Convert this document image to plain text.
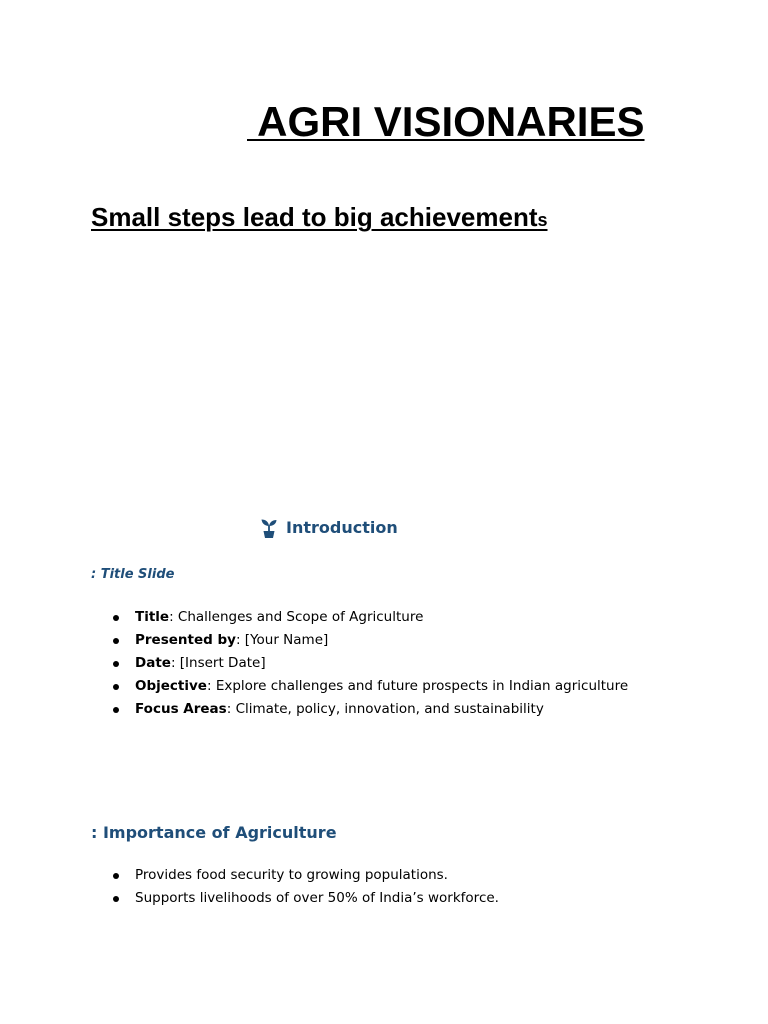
AGRI VISIONARIES
Small steps lead to big achievements
Introduction
: Title Slide
Title: Challenges and Scope of Agriculture
Presented by: [Your Name]
Date: [Insert Date]
Objective: Explore challenges and future prospects in Indian agriculture
Focus Areas: Climate, policy, innovation, and sustainability
: Importance of Agriculture
Provides food security to growing populations.
Supports livelihoods of over 50% of India’s workforce.
